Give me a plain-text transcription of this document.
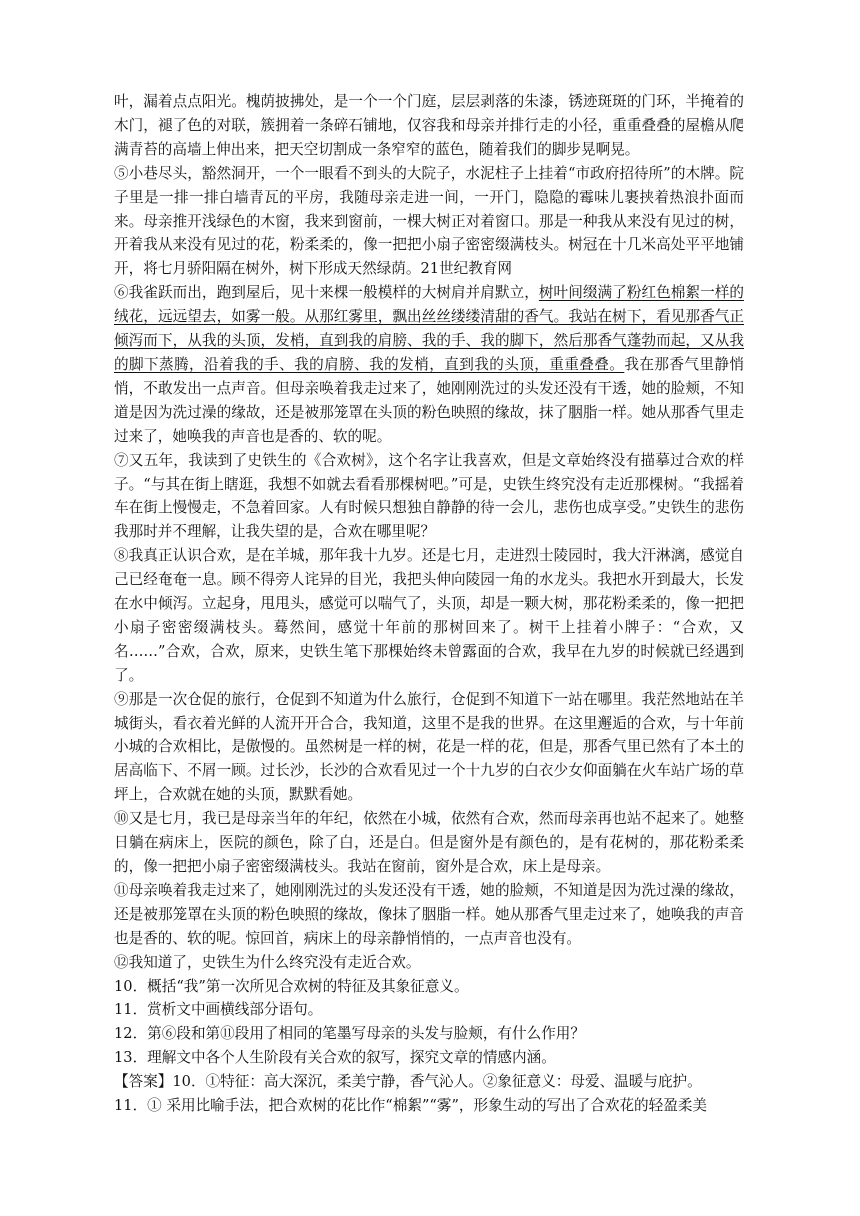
叶，漏着点点阳光。槐荫披拂处，是一个一个门庭，层层剥落的朱漆，锈迹斑斑的门环，半掩着的木门，褪了色的对联，簇拥着一条碎石铺地，仅容我和母亲并排行走的小径，重重叠叠的屋檐从爬满青苔的高墙上伸出来，把天空切割成一条窄窄的蓝色，随着我们的脚步晃啊晃。

⑤小巷尽头，豁然洞开，一个一眼看不到头的大院子，水泥柱子上挂着“市政府招待所”的木牌。院子里是一排一排白墙青瓦的平房，我随母亲走进一间，一开门，隐隐的霉味儿裹挟着热浪扑面而来。母亲推开浅绿色的木窗，我来到窗前，一棵大树正对着窗口。那是一种我从来没有见过的树，开着我从来没有见过的花，粉柔柔的，像一把把小扇子密密缀满枝头。树冠在十几米高处平平地铺开，将七月骄阳隔在树外，树下形成天然绿荫。21世纪教育网

⑥我雀跃而出，跑到屋后，见十来棵一般模样的大树肩并肩默立，树叶间缀满了粉红色棉絮一样的绒花，远远望去，如雾一般。从那红雾里，飘出丝丝缕缕清甜的香气。我站在树下，看见那香气正倾泻而下，从我的头顶，发梢，直到我的肩膀、我的手、我的脚下，然后那香气蓬勃而起，又从我的脚下蒸腾，沿着我的手、我的肩膀、我的发梢，直到我的头顶，重重叠叠。我在那香气里静悄悄，不敢发出一点声音。但母亲唤着我走过来了，她刚刚洗过的头发还没有干透，她的脸颊，不知道是因为洗过澡的缘故，还是被那笼罩在头顶的粉色映照的缘故，抹了胭脂一样。她从那香气里走过来了，她唤我的声音也是香的、软的呢。

⑦又五年，我读到了史铁生的《合欢树》，这个名字让我喜欢，但是文章始终没有描摹过合欢的样子。“与其在街上瞎逛，我想不如就去看看那棵树吧。”可是，史铁生终究没有走近那棵树。“我摇着车在街上慢慢走，不急着回家。人有时候只想独自静静的待一会儿，悲伤也成享受。”史铁生的悲伤我那时并不理解，让我失望的是，合欢在哪里呢？

⑧我真正认识合欢，是在羊城，那年我十九岁。还是七月，走进烈士陵园时，我大汗淋漓，感觉自己已经奄奄一息。顾不得旁人诧异的目光，我把头伸向陵园一角的水龙头。我把水开到最大，长发在水中倾泻。立起身，甩甩头，感觉可以喘气了，头顶，却是一颗大树，那花粉柔柔的，像一把把小扇子密密缀满枝头。蓦然间，感觉十年前的那树回来了。树干上挂着小牌子：“合欢，又名……”合欢，合欢，原来，史铁生笔下那棵始终未曾露面的合欢，我早在九岁的时候就已经遇到了。

⑨那是一次仓促的旅行，仓促到不知道为什么旅行，仓促到不知道下一站在哪里。我茫然地站在羊城街头，看衣着光鲜的人流开开合合，我知道，这里不是我的世界。在这里邂逅的合欢，与十年前小城的合欢相比，是傲慢的。虽然树是一样的树，花是一样的花，但是，那香气里已然有了本土的居高临下、不屑一顾。过长沙，长沙的合欢看见过一个十九岁的白衣少女仰面躺在火车站广场的草坪上，合欢就在她的头顶，默默看她。

⑩又是七月，我已是母亲当年的年纪，依然在小城，依然有合欢，然而母亲再也站不起来了。她整日躺在病床上，医院的颜色，除了白，还是白。但是窗外是有颜色的，是有花树的，那花粉柔柔的，像一把把小扇子密密缀满枝头。我站在窗前，窗外是合欢，床上是母亲。

⑪母亲唤着我走过来了，她刚刚洗过的头发还没有干透，她的脸颊，不知道是因为洗过澡的缘故，还是被那笼罩在头顶的粉色映照的缘故，像抹了胭脂一样。她从那香气里走过来了，她唤我的声音也是香的、软的呢。惊回首，病床上的母亲静悄悄的，一点声音也没有。

⑫我知道了，史铁生为什么终究没有走近合欢。

10．概括“我”第一次所见合欢树的特征及其象征意义。

11．赏析文中画横线部分语句。

12．第⑥段和第⑪段用了相同的笔墨写母亲的头发与脸颊，有什么作用？

13．理解文中各个人生阶段有关合欢的叙写，探究文章的情感内涵。

【答案】10．①特征：高大深沉，柔美宁静，香气沁人。②象征意义：母爱、温暖与庇护。

11．① 采用比喻手法，把合欢树的花比作“棉絮”“雾”，形象生动的写出了合欢花的轻盈柔美
